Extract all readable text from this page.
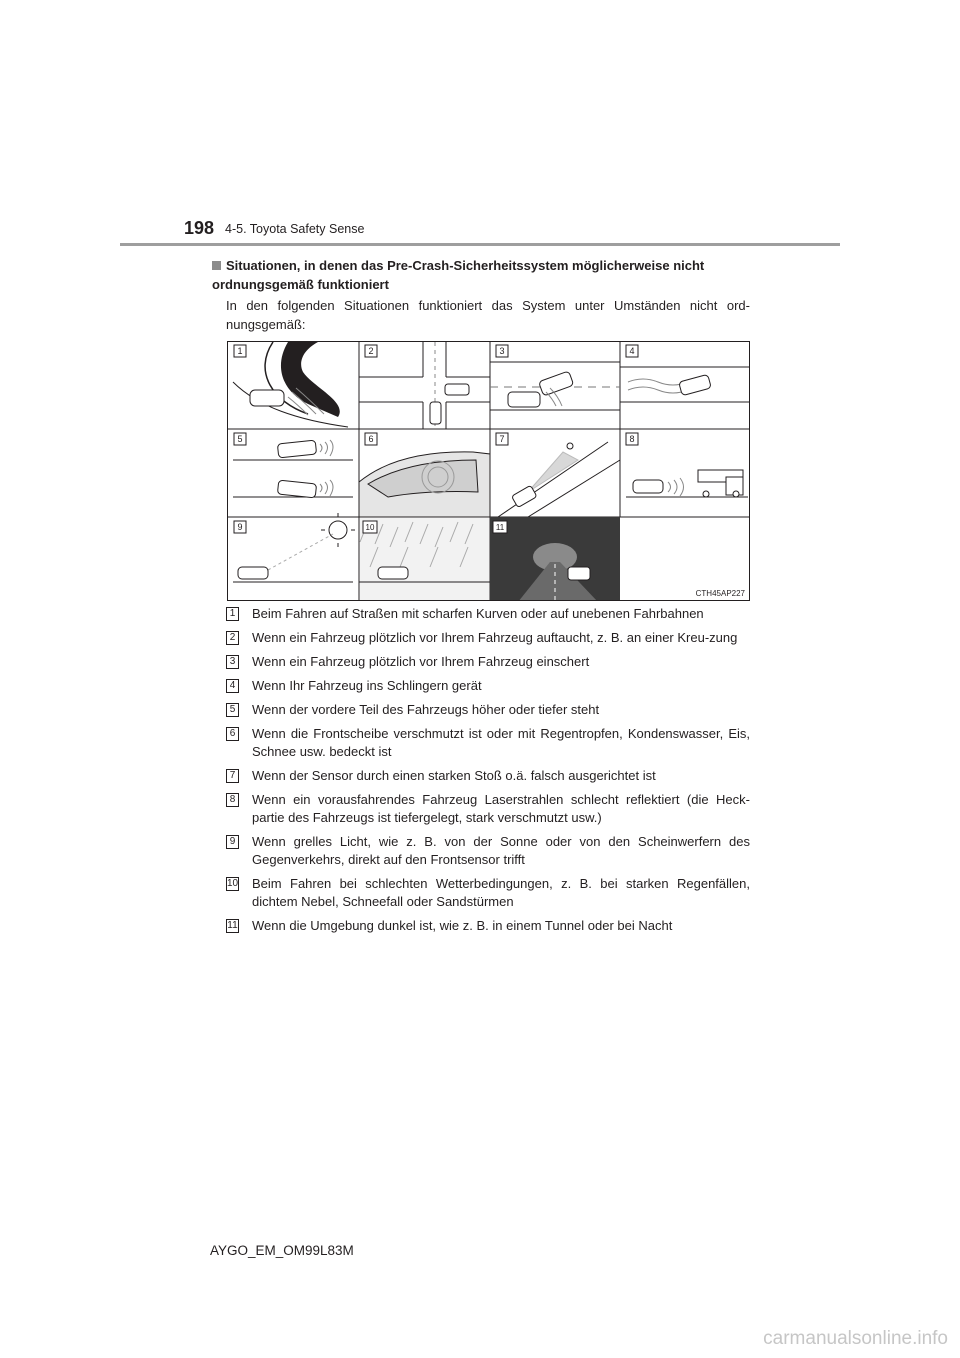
198 4-5. Toyota Safety Sense
Situationen, in denen das Pre-Crash-Sicherheitssystem möglicherweise nicht ordnungsgemäß funktioniert
In den folgenden Situationen funktioniert das System unter Umständen nicht ord-nungsgemäß:
1	2	3	4
5	6	7	8
9	10	11
CTH45AP227
1 Beim Fahren auf Straßen mit scharfen Kurven oder auf unebenen Fahrbahnen
2 Wenn ein Fahrzeug plötzlich vor Ihrem Fahrzeug auftaucht, z. B. an einer Kreu-zung
3 Wenn ein Fahrzeug plötzlich vor Ihrem Fahrzeug einschert
4 Wenn Ihr Fahrzeug ins Schlingern gerät
5 Wenn der vordere Teil des Fahrzeugs höher oder tiefer steht
6 Wenn die Frontscheibe verschmutzt ist oder mit Regentropfen, Kondenswasser, Eis, Schnee usw. bedeckt ist
7 Wenn der Sensor durch einen starken Stoß o.ä. falsch ausgerichtet ist
8 Wenn ein vorausfahrendes Fahrzeug Laserstrahlen schlecht reflektiert (die Heck-partie des Fahrzeugs ist tiefergelegt, stark verschmutzt usw.)
9 Wenn grelles Licht, wie z. B. von der Sonne oder von den Scheinwerfern des Gegenverkehrs, direkt auf den Frontsensor trifft
10 Beim Fahren bei schlechten Wetterbedingungen, z. B. bei starken Regenfällen, dichtem Nebel, Schneefall oder Sandstürmen
11 Wenn die Umgebung dunkel ist, wie z. B. in einem Tunnel oder bei Nacht
AYGO_EM_OM99L83M
carmanualsonline.info
